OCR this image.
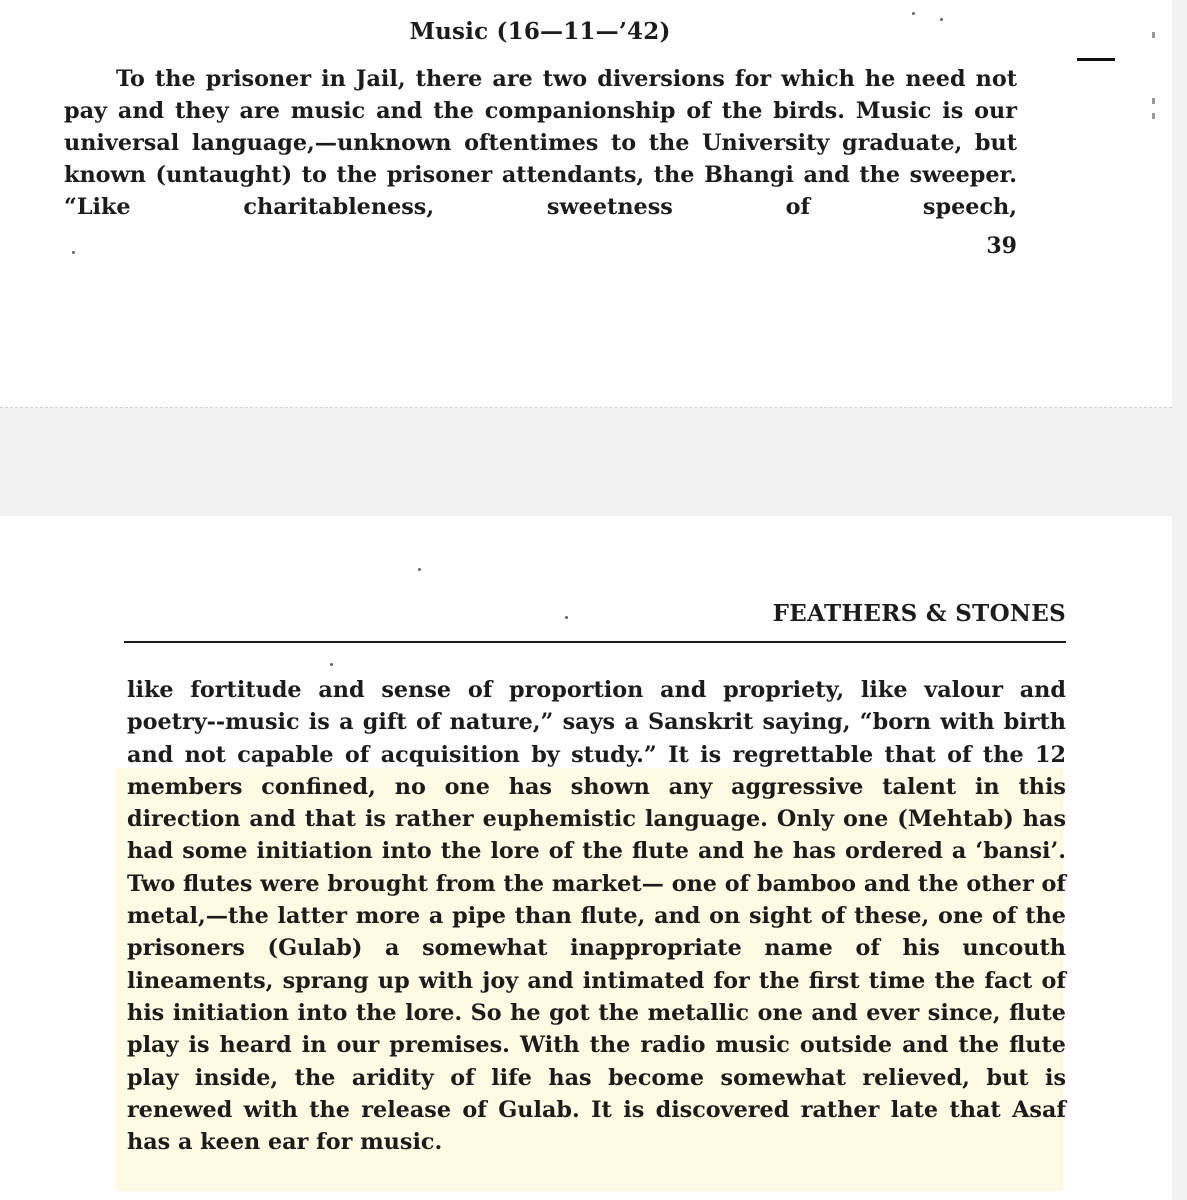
Music (16—11—’42)

To the prisoner in Jail, there are two diversions for which he need not pay and they are music and the companionship of the birds. Music is our universal language,—unknown oftentimes to the University graduate, but known (untaught) to the prisoner attendants, the Bhangi and the sweeper. “Like charitableness, sweetness of speech,

39
FEATHERS & STONES

like fortitude and sense of proportion and propriety, like valour and poetry--music is a gift of nature,” says a Sanskrit saying, “born with birth and not capable of acquisition by study.” It is regrettable that of the 12 members confined, no one has shown any aggressive talent in this direction and that is rather euphemistic language. Only one (Mehtab) has had some initiation into the lore of the flute and he has ordered a ‘bansi’. Two flutes were brought from the market— one of bamboo and the other of metal,—the latter more a pipe than flute, and on sight of these, one of the prisoners (Gulab) a somewhat inappropriate name of his uncouth lineaments, sprang up with joy and intimated for the first time the fact of his initiation into the lore. So he got the metallic one and ever since, flute play is heard in our premises. With the radio music outside and the flute play inside, the aridity of life has become somewhat relieved, but is renewed with the release of Gulab. It is discovered rather late that Asaf has a keen ear for music.
